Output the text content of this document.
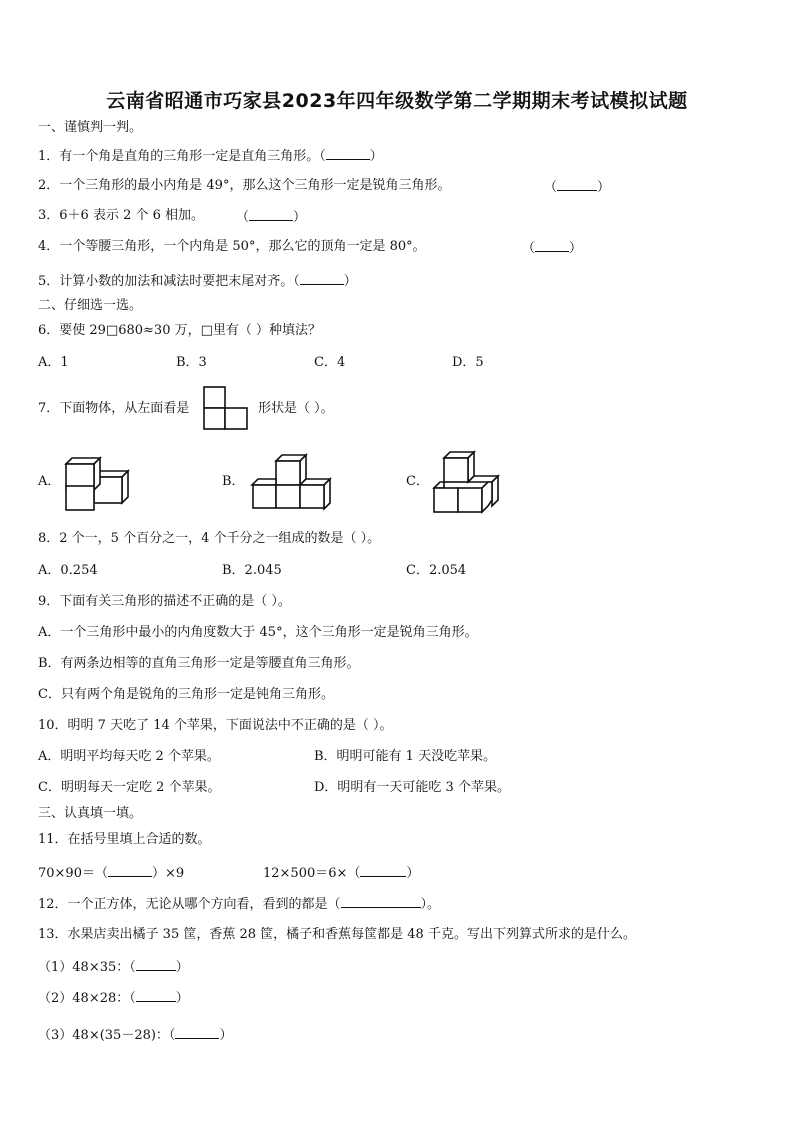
云南省昭通市巧家县2023年四年级数学第二学期期末考试模拟试题
一、谨慎判一判。
1．有一个角是直角的三角形一定是直角三角形。（	）
2．一个三角形的最小内角是 49°，那么这个三角形一定是锐角三角形。	（	）
3．6＋6 表示 2 个 6 相加。 （	）
4．一个等腰三角形，一个内角是 50°，那么它的顶角一定是 80°。	（	）
5．计算小数的加法和减法时要把末尾对齐。（	）
二、仔细选一选。
6．要使 29□680≈30 万，□里有（ ）种填法？
A．1	B．3	C．4	D．5
7．下面物体，从左面看是	形状是（ ）。
A．	B．	C．
8．2 个一，5 个百分之一，4 个千分之一组成的数是（ ）。
A．0.254	B．2.045	C．2.054
9．下面有关三角形的描述不正确的是（ ）。
A．一个三角形中最小的内角度数大于 45°，这个三角形一定是锐角三角形。
B．有两条边相等的直角三角形一定是等腰直角三角形。
C．只有两个角是锐角的三角形一定是钝角三角形。
10．明明 7 天吃了 14 个苹果，下面说法中不正确的是（ ）。
A．明明平均每天吃 2 个苹果。	B．明明可能有 1 天没吃苹果。
C．明明每天一定吃 2 个苹果。	D．明明有一天可能吃 3 个苹果。
三、认真填一填。
11．在括号里填上合适的数。
70×90＝（	）×9	12×500＝6×（	）
12．一个正方体，无论从哪个方向看，看到的都是（	）。
13．水果店卖出橘子 35 筐，香蕉 28 筐，橘子和香蕉每筐都是 48 千克。写出下列算式所求的是什么。
（1）48×35：（	）
（2）48×28：（	）
（3）48×(35－28)：（	）
